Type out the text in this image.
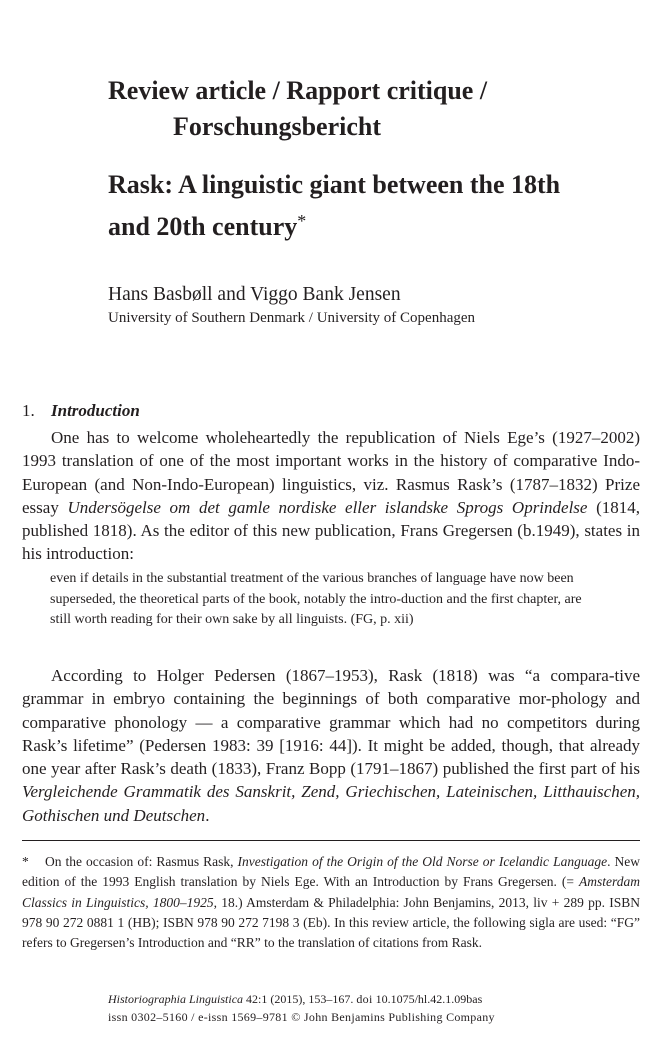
Review article / Rapport critique /
Forschungsbericht
Rask: A linguistic giant between the 18th and 20th century*
Hans Basbøll and Viggo Bank Jensen
University of Southern Denmark / University of Copenhagen
1. Introduction

One has to welcome wholeheartedly the republication of Niels Ege’s (1927–2002) 1993 translation of one of the most important works in the history of comparative Indo-European (and Non-Indo-European) linguistics, viz. Rasmus Rask’s (1787–1832) Prize essay Undersögelse om det gamle nordiske eller islandske Sprogs Oprindelse (1814, published 1818). As the editor of this new publication, Frans Gregersen (b.1949), states in his introduction:

even if details in the substantial treatment of the various branches of language have now been superseded, the theoretical parts of the book, notably the intro-duction and the first chapter, are still worth reading for their own sake by all linguists. (FG, p. xii)

According to Holger Pedersen (1867–1953), Rask (1818) was “a compara-tive grammar in embryo containing the beginnings of both comparative mor-phology and comparative phonology — a comparative grammar which had no competitors during Rask’s lifetime” (Pedersen 1983: 39 [1916: 44]). It might be added, though, that already one year after Rask’s death (1833), Franz Bopp (1791–1867) published the first part of his Vergleichende Grammatik des Sanskrit, Zend, Griechischen, Lateinischen, Litthauischen, Gothischen und Deutschen.

* On the occasion of: Rasmus Rask, Investigation of the Origin of the Old Norse or Icelandic Language. New edition of the 1993 English translation by Niels Ege. With an Introduction by Frans Gregersen. (= Amsterdam Classics in Linguistics, 1800–1925, 18.) Amsterdam & Philadelphia: John Benjamins, 2013, liv + 289 pp. ISBN 978 90 272 0881 1 (HB); ISBN 978 90 272 7198 3 (Eb). In this review article, the following sigla are used: “FG” refers to Gregersen’s Introduction and “RR” to the translation of citations from Rask.

Historiographia Linguistica 42:1 (2015), 153–167. doi 10.1075/hl.42.1.09bas
issn 0302–5160 / e-issn 1569–9781 © John Benjamins Publishing Company
